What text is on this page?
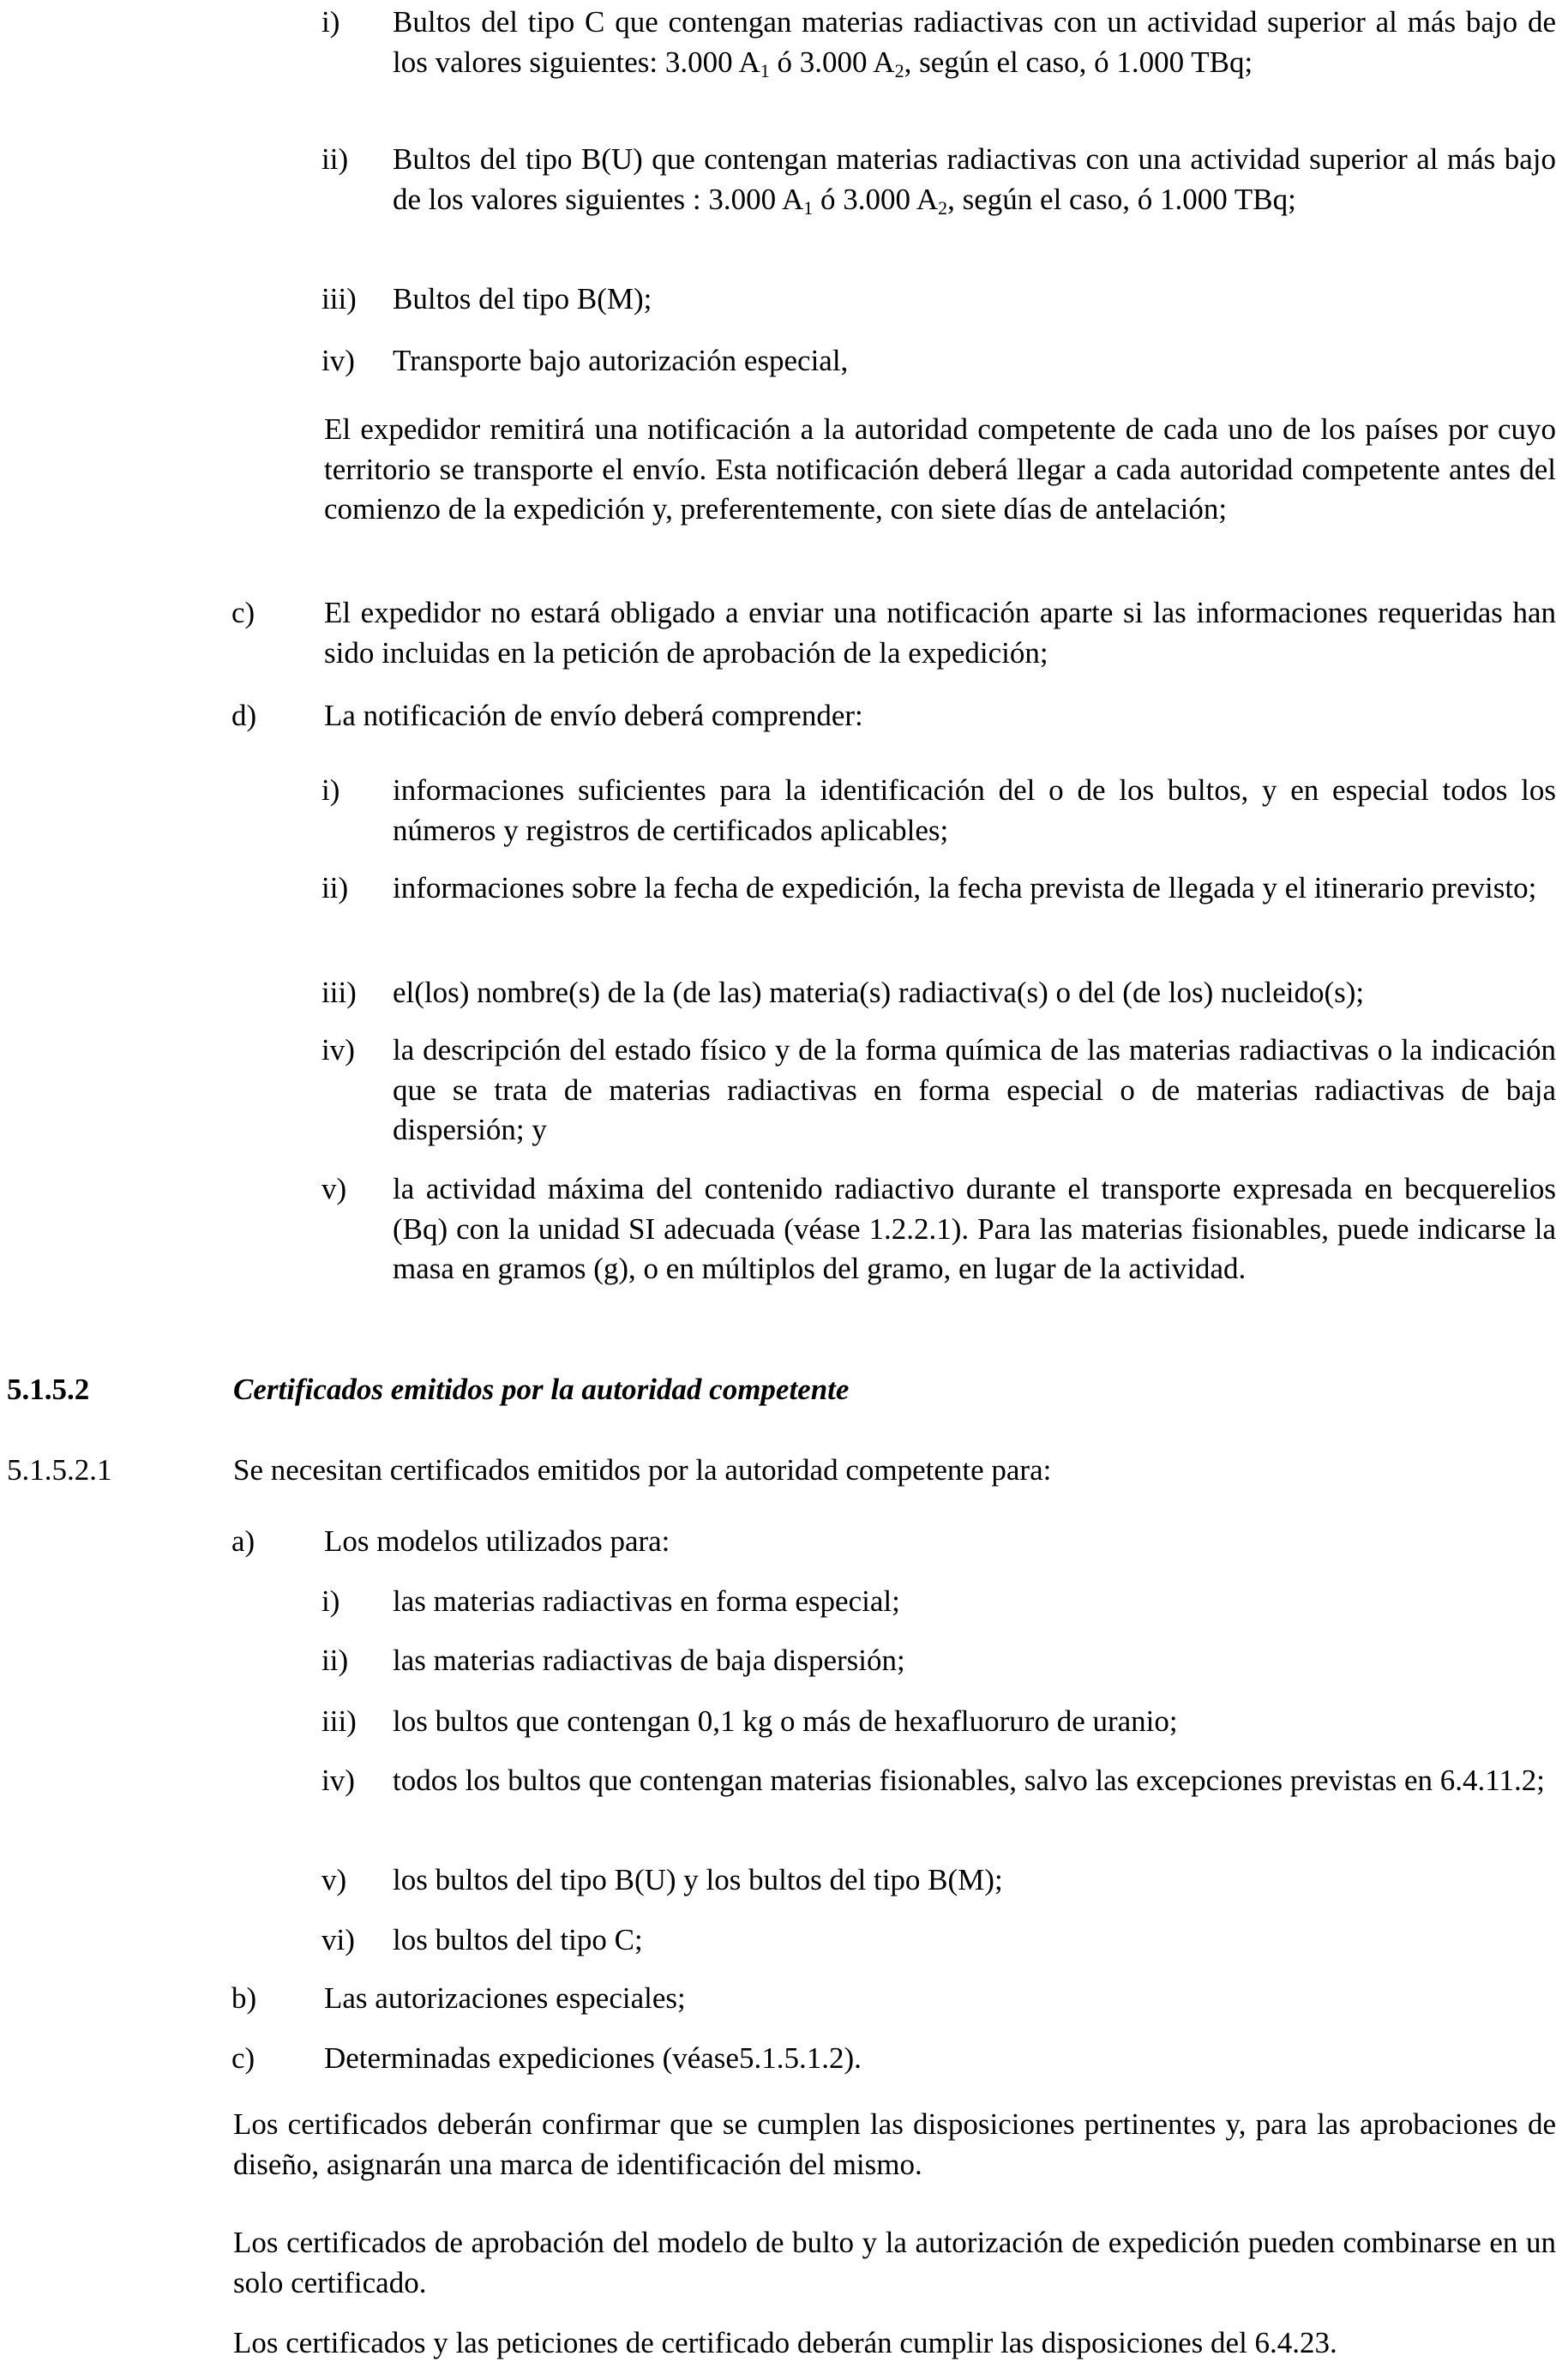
i) Bultos del tipo C que contengan materias radiactivas con un actividad superior al más bajo de los valores siguientes: 3.000 $A_1$ ó 3.000 $A_2$, según el caso, ó 1.000 TBq;
ii) Bultos del tipo B(U) que contengan materias radiactivas con una actividad superior al más bajo de los valores siguientes : 3.000 $A_1$ ó 3.000 $A_2$, según el caso, ó 1.000 TBq;
iii) Bultos del tipo B(M);
iv) Transporte bajo autorización especial,
El expedidor remitirá una notificación a la autoridad competente de cada uno de los países por cuyo territorio se transporte el envío. Esta notificación deberá llegar a cada autoridad competente antes del comienzo de la expedición y, preferentemente, con siete días de antelación;
c) El expedidor no estará obligado a enviar una notificación aparte si las informaciones requeridas han sido incluidas en la petición de aprobación de la expedición;
d) La notificación de envío deberá comprender:
i) informaciones suficientes para la identificación del o de los bultos, y en especial todos los números y registros de certificados aplicables;
ii) informaciones sobre la fecha de expedición, la fecha prevista de llegada y el itinerario previsto;
iii) el(los) nombre(s) de la (de las) materia(s) radiactiva(s) o del (de los) nucleido(s);
iv) la descripción del estado físico y de la forma química de las materias radiactivas o la indicación que se trata de materias radiactivas en forma especial o de materias radiactivas de baja dispersión; y
v) la actividad máxima del contenido radiactivo durante el transporte expresada en becquerelios (Bq) con la unidad SI adecuada (véase 1.2.2.1). Para las materias fisionables, puede indicarse la masa en gramos (g), o en múltiplos del gramo, en lugar de la actividad.
5.1.5.2	Certificados emitidos por la autoridad competente
5.1.5.2.1	Se necesitan certificados emitidos por la autoridad competente para:
a) Los modelos utilizados para:
i) las materias radiactivas en forma especial;
ii) las materias radiactivas de baja dispersión;
iii) los bultos que contengan 0,1 kg o más de hexafluoruro de uranio;
iv) todos los bultos que contengan materias fisionables, salvo las excepciones previstas en 6.4.11.2;
v) los bultos del tipo B(U) y los bultos del tipo B(M);
vi) los bultos del tipo C;
b) Las autorizaciones especiales;
c) Determinadas expediciones (véase5.1.5.1.2).
Los certificados deberán confirmar que se cumplen las disposiciones pertinentes y, para las aprobaciones de diseño, asignarán una marca de identificación del mismo.
Los certificados de aprobación del modelo de bulto y la autorización de expedición pueden combinarse en un solo certificado.
Los certificados y las peticiones de certificado deberán cumplir las disposiciones del 6.4.23.
